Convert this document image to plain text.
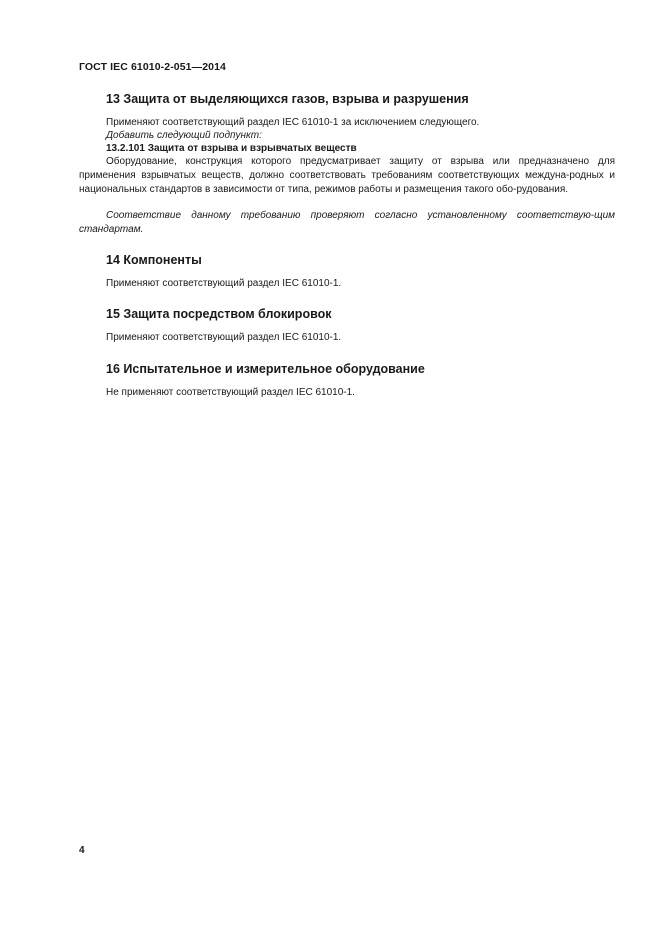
ГОСТ IEC 61010-2-051—2014
13 Защита от выделяющихся газов, взрыва и разрушения
Применяют соответствующий раздел IEC 61010-1 за исключением следующего.
Добавить следующий подпункт:
13.2.101 Защита от взрыва и взрывчатых веществ
Оборудование, конструкция которого предусматривает защиту от взрыва или предназначено для применения взрывчатых веществ, должно соответствовать требованиям соответствующих междуна-родных и национальных стандартов в зависимости от типа, режимов работы и размещения такого обо-рудования.
Соответствие данному требованию проверяют согласно установленному соответствую-щим стандартам.
14 Компоненты
Применяют соответствующий раздел IEC 61010-1.
15 Защита посредством блокировок
Применяют соответствующий раздел IEC 61010-1.
16 Испытательное и измерительное оборудование
Не применяют соответствующий раздел IEC 61010-1.
4
